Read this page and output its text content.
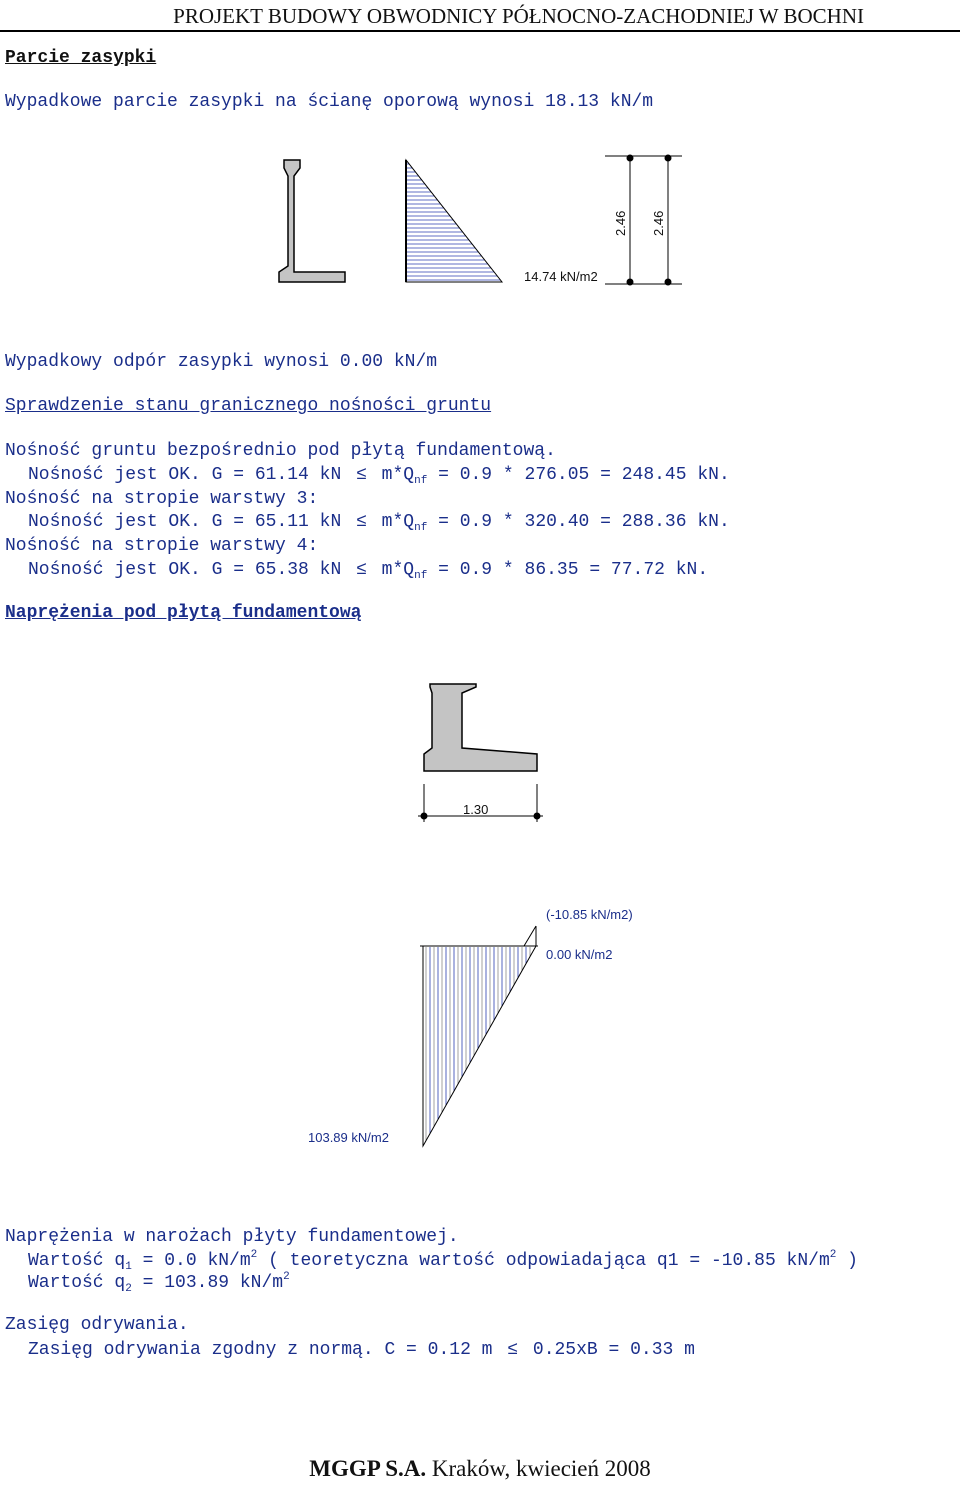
PROJEKT BUDOWY OBWODNICY PÓŁNOCNO-ZACHODNIEJ W BOCHNI
Parcie zasypki
Wypadkowe parcie zasypki na ścianę oporową wynosi 18.13 kN/m
14.74 kN/m2
2.46 2.46
Wypadkowy odpór zasypki wynosi 0.00 kN/m
Sprawdzenie stanu granicznego nośności gruntu
Nośność gruntu bezpośrednio pod płytą fundamentową.
Nośność jest OK. G = 61.14 kN ≤ $m*Q_{nf} = 0.9 * 276.05 = 248.45$ kN.
Nośność na stropie warstwy 3:
Nośność jest OK. G = 65.11 kN ≤ $m*Q_{nf} = 0.9 * 320.40 = 288.36$ kN.
Nośność na stropie warstwy 4:
Nośność jest OK. G = 65.38 kN ≤ $m*Q_{nf} = 0.9 * 86.35 = 77.72$ kN.
Naprężenia pod płytą fundamentową
1.30
(-10.85 kN/m2)
0.00 kN/m2
103.89 kN/m2
Naprężenia w narożach płyty fundamentowej.
Wartość $q_1 = 0.0$ $kN/m^2$ ( teoretyczna wartość odpowiadająca q1 = -10.85 $kN/m^2$ )
Wartość $q_2 = 103.89$ $kN/m^2$
Zasięg odrywania.
Zasięg odrywania zgodny z normą. C = 0.12 m ≤ 0.25xB = 0.33 m
MGGP S.A. Kraków, kwiecień 2008
